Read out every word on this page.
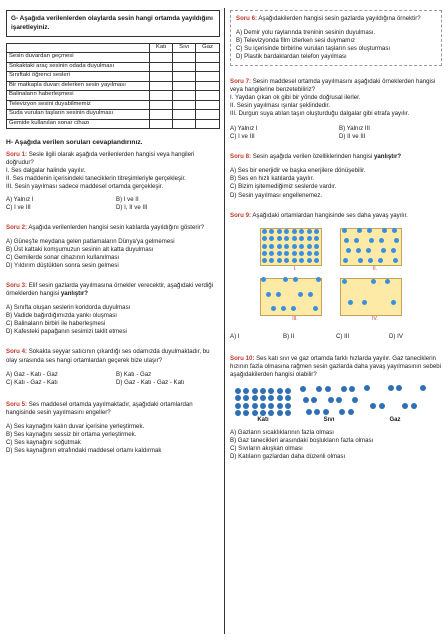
G- Aşağıda verilenlerden olaylarda sesin hangi ortamda yayıldığını işaretleyiniz.
	Katı	Sıvı	Gaz
Sesin duvardan geçmesi			
Sokaktaki araç sesinin odada duyulması			
Sınıftaki öğrenci sesleri			
Bir matkapla duvarı delerken sesin yayılması			
Balinaların haberleşmesi			
Televizyon sesini duyabilmemiz			
Suda vurulan taşların sesinin duyulması			
Gemide kullanılan sonar cihazı			
H- Aşağıda verilen soruları cevaplandırınız.

Soru 1: Sesle ilgili olarak aşağıda verilenlerden hangisi veya hangileri doğrudur?

I. Ses dalgalar halinde yayılır.

II. Ses maddenin içerisindeki taneciklerin titreşimleriyle gerçekleşir.

III. Sesin yayılması sadece maddesel ortamda gerçekleşir.

A) Yalnız I	B) I ve II
C) I ve III	D) I, II ve III

Soru 2: Aşağıda verilenlerden hangisi sesin katılarda yayıldığını gösterir?

A) Güneş'te meydana gelen patlamaların Dünya'ya gelmemesi

B) Üst kattaki komşumuzun sesinin alt katta duyulması

C) Gemilerde sonar cihazının kullanılması

D) Yıldırım düştükten sonra sesin gelmesi

Soru 3: Elif sesin gazlarda yayılmasına örnekler verecektir, aşağıdaki verdiği örneklerden hangisi yanlıştır?

A) Sınıfta oluşan seslerin koridorda duyulması

B) Vadide bağırdığımızda yankı oluşması

C) Balinaların birbiri ile haberleşmesi

D) Kafesteki papağanın sesimizi taklit etmesi

Soru 4: Sokakta seyyar satıcının çıkardığı ses odamızda duyulmaktadır, bu olay sırasında ses hangi ortamlardan geçerek bize ulaşır?

A) Gaz - Katı - Gaz	B) Katı - Gaz
C) Katı - Gaz - Katı	D) Gaz - Katı - Gaz - Katı

Soru 5: Ses maddesel ortamda yayılmaktadır, aşağıdaki ortamlardan hangisinde sesin yayılmasını engeller?

A) Ses kaynağını kalın duvar içerisine yerleştirmek.

B) Ses kaynağını sessiz bir ortama yerleştirmek.

C) Ses kaynağını soğutmak

D) Ses kaynağının etrafındaki maddesel ortamı kaldırmak

Soru 6: Aşağıdakilerden hangisi sesin gazlarda yayıldığına örnektir?

A) Demir yolu raylarında treninin sesinin duyulması.

B) Televizyonda film izlerken sesi duymamız

C) Su içerisinde birbirine vurulan taşların ses oluşturması

D) Plastik bardaklardan telefon yayılması

Soru 7: Sesin maddesel ortamda yayılmasını aşağıdaki örneklerden hangisi veya hangilerine benzetebiliriz?

I. Yaydan çıkan ok gibi bir yönde doğrusal ilerler.

II. Sesin yayılması ışınlar şeklindedir.

III. Durgun suya atılan taşın oluşturduğu dalgalar gibi etrafa yayılır.

A) Yalnız I	B) Yalnız III
C) I ve III	D) II ve III

Soru 8: Sesin aşağıda verilen özelliklerinden hangisi yanlıştır?

A) Ses bir enerjidir ve başka enerjilere dönüşebilir.

B) Ses en hızlı katılarda yayılır.

C) Bizim işitemediğimiz seslerde vardır.

D) Sesin yayılması engellenemez.

Soru 9: Aşağıdaki ortamlardan hangisinde ses daha yavaş yayılır.

I.	II.
III.	IV.
A) I	B) II	C) III	D) IV

Soru 10: Ses katı sıvı ve gaz ortamda farklı hızlarda yayılır. Gaz taneciklerin hızının fazla olmasına rağmen sesin gazlarda daha yavaş yayılmasının sebebi aşağıdakilerden hangisi olabilir?

Katı	Sıvı	Gaz

A) Gazların sıcaklıklarının fazla olması

B) Gaz tanecikleri arasındaki boşlukların fazla olması

C) Sıvıların akışkan olması

D) Katıların gazlardan daha düzenli olması
